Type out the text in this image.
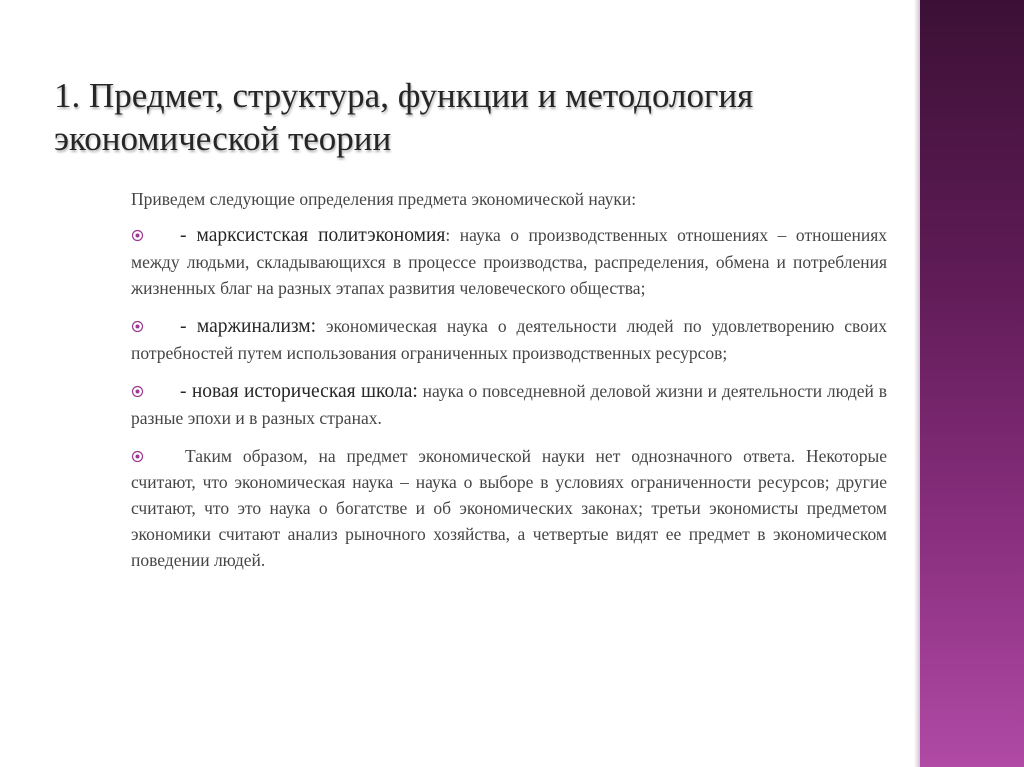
1. Предмет, структура, функции и методология экономической теории

Приведем следующие определения предмета экономической науки:

- марксистская политэкономия: наука о производственных отношениях – отношениях между людьми, складывающихся в процессе производства, распределения, обмена и потребления жизненных благ на разных этапах развития человеческого общества;

- маржинализм: экономическая наука о деятельности людей по удовлетворению своих потребностей путем использования ограниченных производственных ресурсов;

- новая историческая школа: наука о повседневной деловой жизни и деятельности людей в разные эпохи и в разных странах.

Таким образом, на предмет экономической науки нет однозначного ответа. Некоторые считают, что экономическая наука – наука о выборе в условиях ограниченности ресурсов; другие считают, что это наука о богатстве и об экономических законах; третьи экономисты предметом экономики считают анализ рыночного хозяйства, а четвертые видят ее предмет в экономическом поведении людей.
